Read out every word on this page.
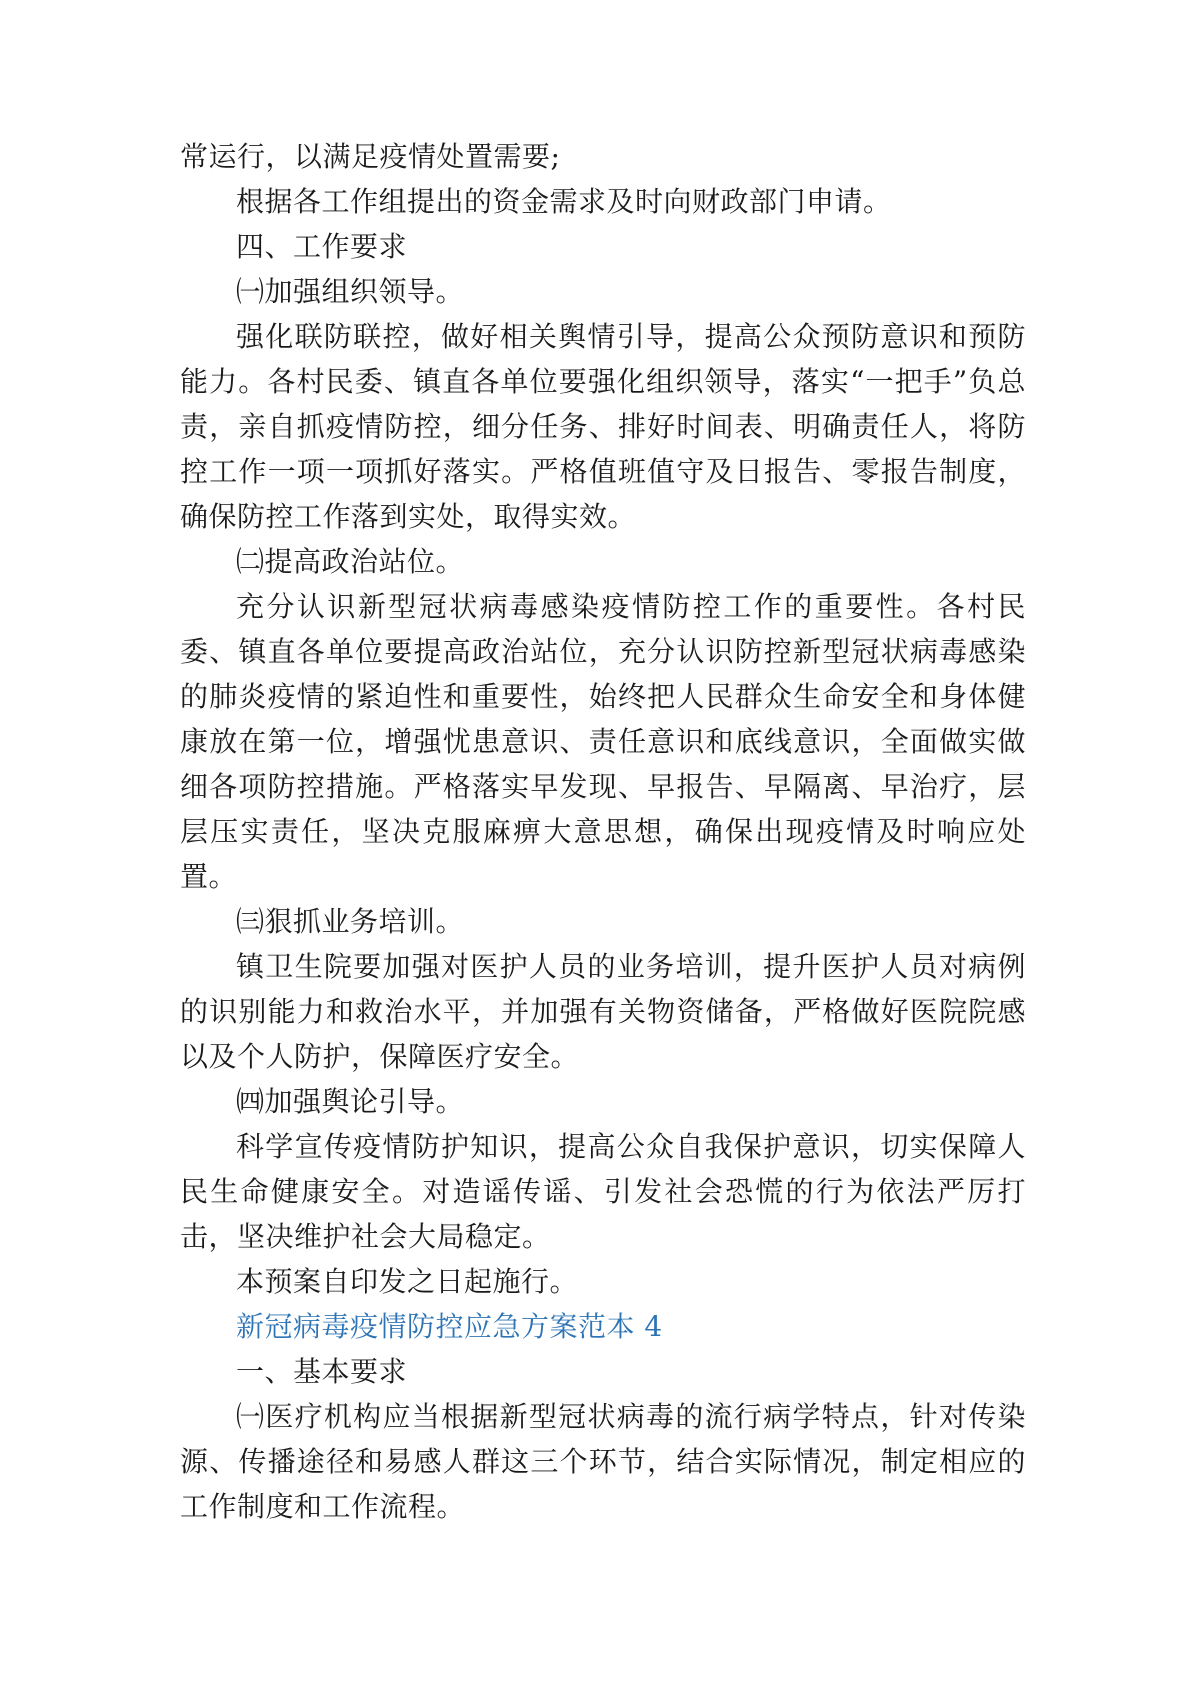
常运行，以满足疫情处置需要;

根据各工作组提出的资金需求及时向财政部门申请。

四、工作要求

㈠加强组织领导。

强化联防联控，做好相关舆情引导，提高公众预防意识和预防能力。各村民委、镇直各单位要强化组织领导，落实“一把手”负总责，亲自抓疫情防控，细分任务、排好时间表、明确责任人，将防控工作一项一项抓好落实。严格值班值守及日报告、零报告制度，确保防控工作落到实处，取得实效。

㈡提高政治站位。

充分认识新型冠状病毒感染疫情防控工作的重要性。各村民委、镇直各单位要提高政治站位，充分认识防控新型冠状病毒感染的肺炎疫情的紧迫性和重要性，始终把人民群众生命安全和身体健康放在第一位，增强忧患意识、责任意识和底线意识，全面做实做细各项防控措施。严格落实早发现、早报告、早隔离、早治疗，层层压实责任，坚决克服麻痹大意思想，确保出现疫情及时响应处置。

㈢狠抓业务培训。

镇卫生院要加强对医护人员的业务培训，提升医护人员对病例的识别能力和救治水平，并加强有关物资储备，严格做好医院院感以及个人防护，保障医疗安全。

㈣加强舆论引导。

科学宣传疫情防护知识，提高公众自我保护意识，切实保障人民生命健康安全。对造谣传谣、引发社会恐慌的行为依法严厉打击，坚决维护社会大局稳定。

本预案自印发之日起施行。

新冠病毒疫情防控应急方案范本 4

一、基本要求

㈠医疗机构应当根据新型冠状病毒的流行病学特点，针对传染源、传播途径和易感人群这三个环节，结合实际情况，制定相应的工作制度和工作流程。
